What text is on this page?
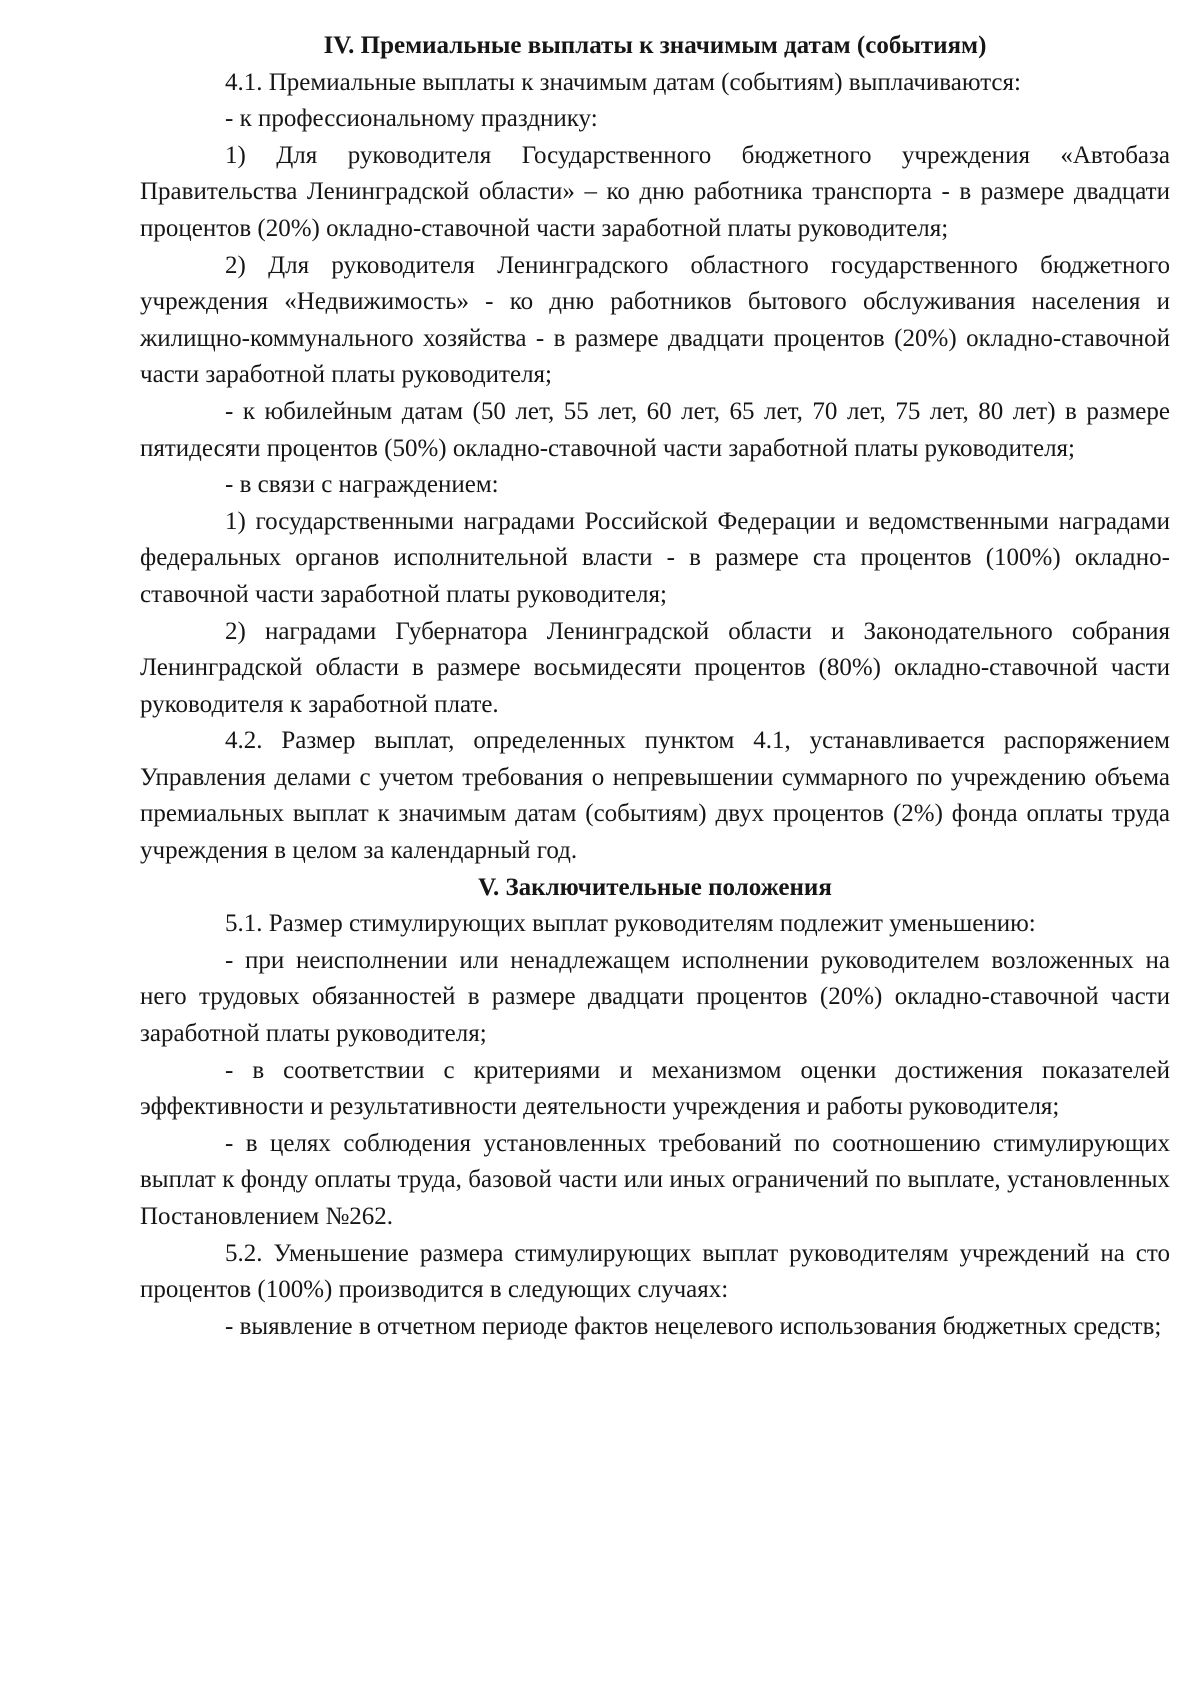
IV. Премиальные выплаты к значимым датам (событиям)

4.1. Премиальные выплаты к значимым датам (событиям) выплачиваются:

- к профессиональному празднику:

1) Для руководителя Государственного бюджетного учреждения «Автобаза Правительства Ленинградской области» – ко дню работника транспорта - в размере двадцати процентов (20%) окладно-ставочной части заработной платы руководителя;

2) Для руководителя Ленинградского областного государственного бюджетного учреждения «Недвижимость» - ко дню работников бытового обслуживания населения и жилищно-коммунального хозяйства - в размере двадцати процентов (20%) окладно-ставочной части заработной платы руководителя;

- к юбилейным датам (50 лет, 55 лет, 60 лет, 65 лет, 70 лет, 75 лет, 80 лет) в размере пятидесяти процентов (50%) окладно-ставочной части заработной платы руководителя;

- в связи с награждением:

1) государственными наградами Российской Федерации и ведомственными наградами федеральных органов исполнительной власти - в размере ста процентов (100%) окладно-ставочной части заработной платы руководителя;

2) наградами Губернатора Ленинградской области и Законодательного собрания Ленинградской области в размере восьмидесяти процентов (80%) окладно-ставочной части руководителя к заработной плате.

4.2. Размер выплат, определенных пунктом 4.1, устанавливается распоряжением Управления делами с учетом требования о непревышении суммарного по учреждению объема премиальных выплат к значимым датам (событиям) двух процентов (2%) фонда оплаты труда учреждения в целом за календарный год.

V. Заключительные положения

5.1. Размер стимулирующих выплат руководителям подлежит уменьшению:

- при неисполнении или ненадлежащем исполнении руководителем возложенных на него трудовых обязанностей в размере двадцати процентов (20%) окладно-ставочной части заработной платы руководителя;

- в соответствии с критериями и механизмом оценки достижения показателей эффективности и результативности деятельности учреждения и работы руководителя;

- в целях соблюдения установленных требований по соотношению стимулирующих выплат к фонду оплаты труда, базовой части или иных ограничений по выплате, установленных Постановлением №262.

5.2. Уменьшение размера стимулирующих выплат руководителям учреждений на сто процентов (100%) производится в следующих случаях:

- выявление в отчетном периоде фактов нецелевого использования бюджетных средств;
